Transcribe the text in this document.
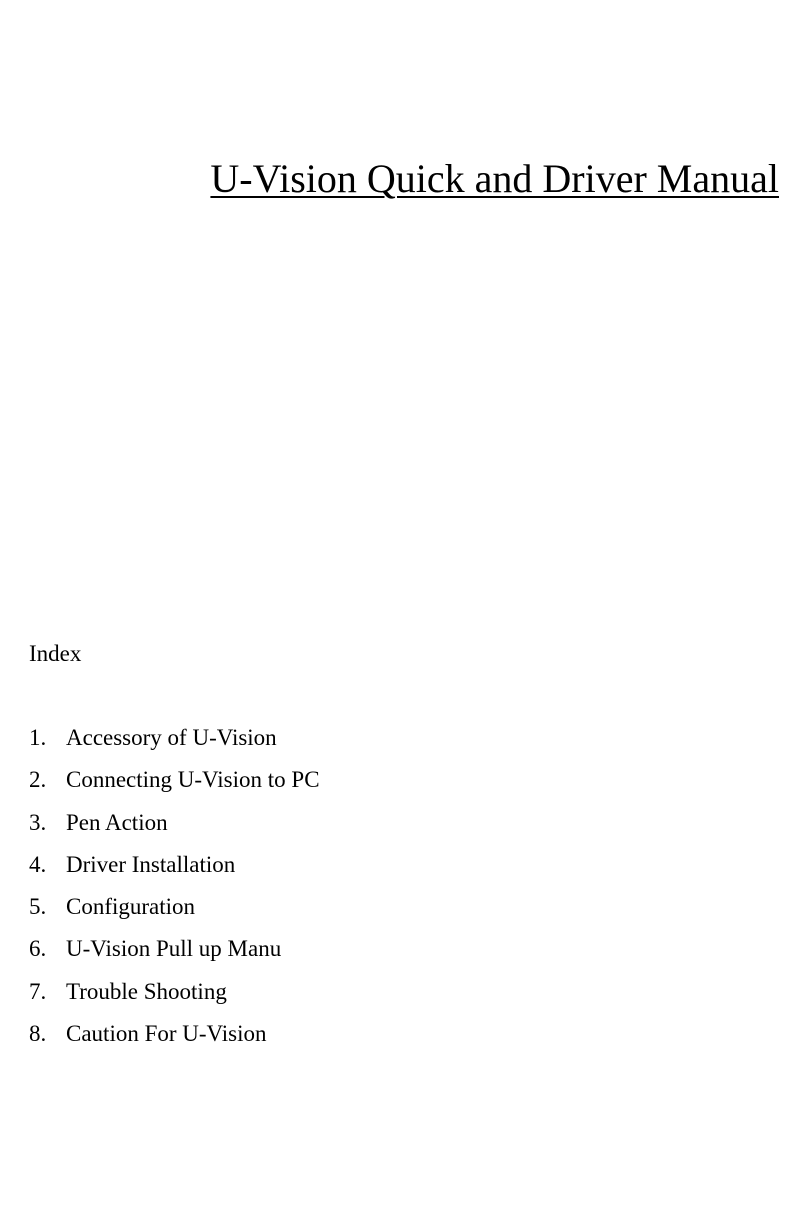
U-Vision Quick and Driver Manual

Index

1. Accessory of U-Vision
2. Connecting U-Vision to PC
3. Pen Action
4. Driver Installation
5. Configuration
6. U-Vision Pull up Manu
7. Trouble Shooting
8. Caution For U-Vision
